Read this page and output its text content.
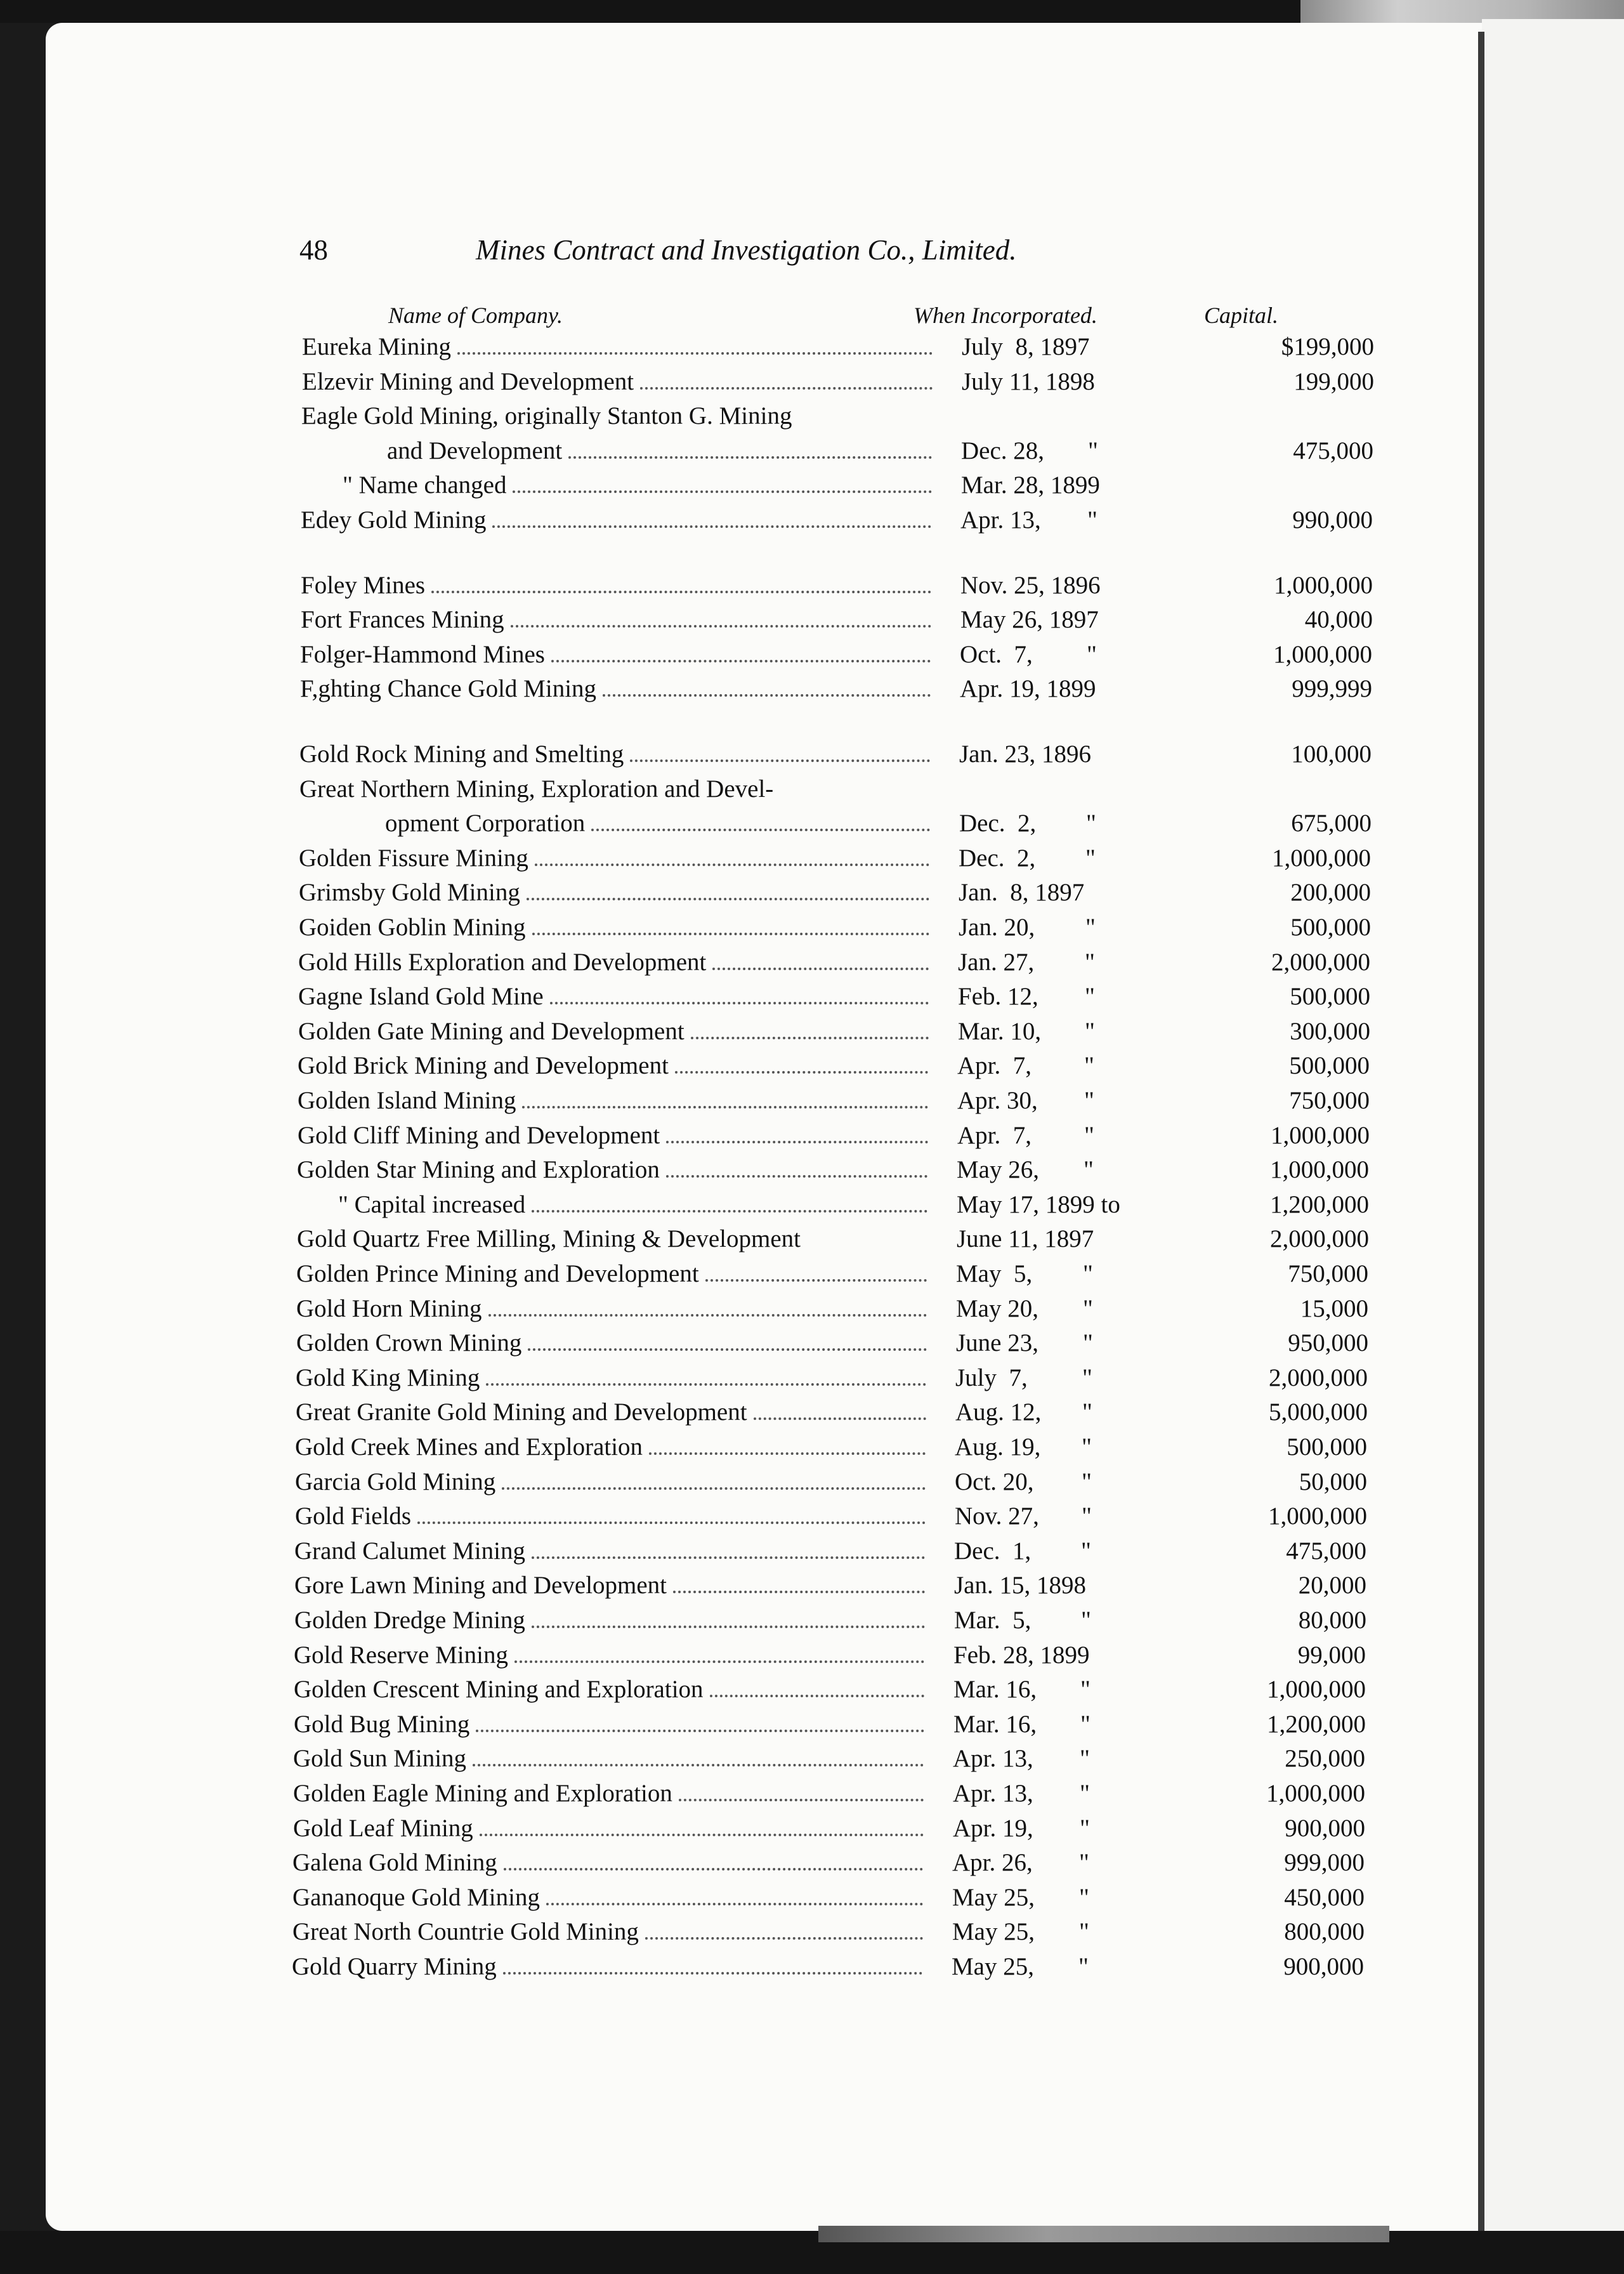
48	Mines Contract and Investigation Co., Limited.
Name of Company.	When Incorporated.	Capital.
Eureka Mining	July  8, 1897	$199,000
Elzevir Mining and Development	July 11, 1898	199,000
Eagle Gold Mining, originally Stanton G. Mining
and Development	Dec. 28, "	475,000
" Name changed	Mar. 28, 1899
Edey Gold Mining	Apr. 13, "	990,000
Foley Mines	Nov. 25, 1896	1,000,000
Fort Frances Mining	May 26, 1897	40,000
Folger-Hammond Mines	Oct.  7, "	1,000,000
F,ghting Chance Gold Mining	Apr. 19, 1899	999,999
Gold Rock Mining and Smelting	Jan. 23, 1896	100,000
Great Northern Mining, Exploration and Devel-
opment Corporation	Dec.  2, "	675,000
Golden Fissure Mining	Dec.  2, "	1,000,000
Grimsby Gold Mining	Jan.  8, 1897	200,000
Goiden Goblin Mining	Jan. 20, "	500,000
Gold Hills Exploration and Development	Jan. 27, "	2,000,000
Gagne Island Gold Mine	Feb. 12, "	500,000
Golden Gate Mining and Development	Mar. 10, "	300,000
Gold Brick Mining and Development	Apr.  7, "	500,000
Golden Island Mining	Apr. 30, "	750,000
Gold Cliff Mining and Development	Apr.  7, "	1,000,000
Golden Star Mining and Exploration	May 26, "	1,000,000
" Capital increased	May 17, 1899 to	1,200,000
Gold Quartz Free Milling, Mining & Development	June 11, 1897	2,000,000
Golden Prince Mining and Development	May  5, "	750,000
Gold Horn Mining	May 20, "	15,000
Golden Crown Mining	June 23, "	950,000
Gold King Mining	July  7, "	2,000,000
Great Granite Gold Mining and Development	Aug. 12, "	5,000,000
Gold Creek Mines and Exploration	Aug. 19, "	500,000
Garcia Gold Mining	Oct. 20, "	50,000
Gold Fields	Nov. 27, "	1,000,000
Grand Calumet Mining	Dec.  1, "	475,000
Gore Lawn Mining and Development	Jan. 15, 1898	20,000
Golden Dredge Mining	Mar.  5, "	80,000
Gold Reserve Mining	Feb. 28, 1899	99,000
Golden Crescent Mining and Exploration	Mar. 16, "	1,000,000
Gold Bug Mining	Mar. 16, "	1,200,000
Gold Sun Mining	Apr. 13, "	250,000
Golden Eagle Mining and Exploration	Apr. 13, "	1,000,000
Gold Leaf Mining	Apr. 19, "	900,000
Galena Gold Mining	Apr. 26, "	999,000
Gananoque Gold Mining	May 25, "	450,000
Great North Countrie Gold Mining	May 25, "	800,000
Gold Quarry Mining	May 25, "	900,000
